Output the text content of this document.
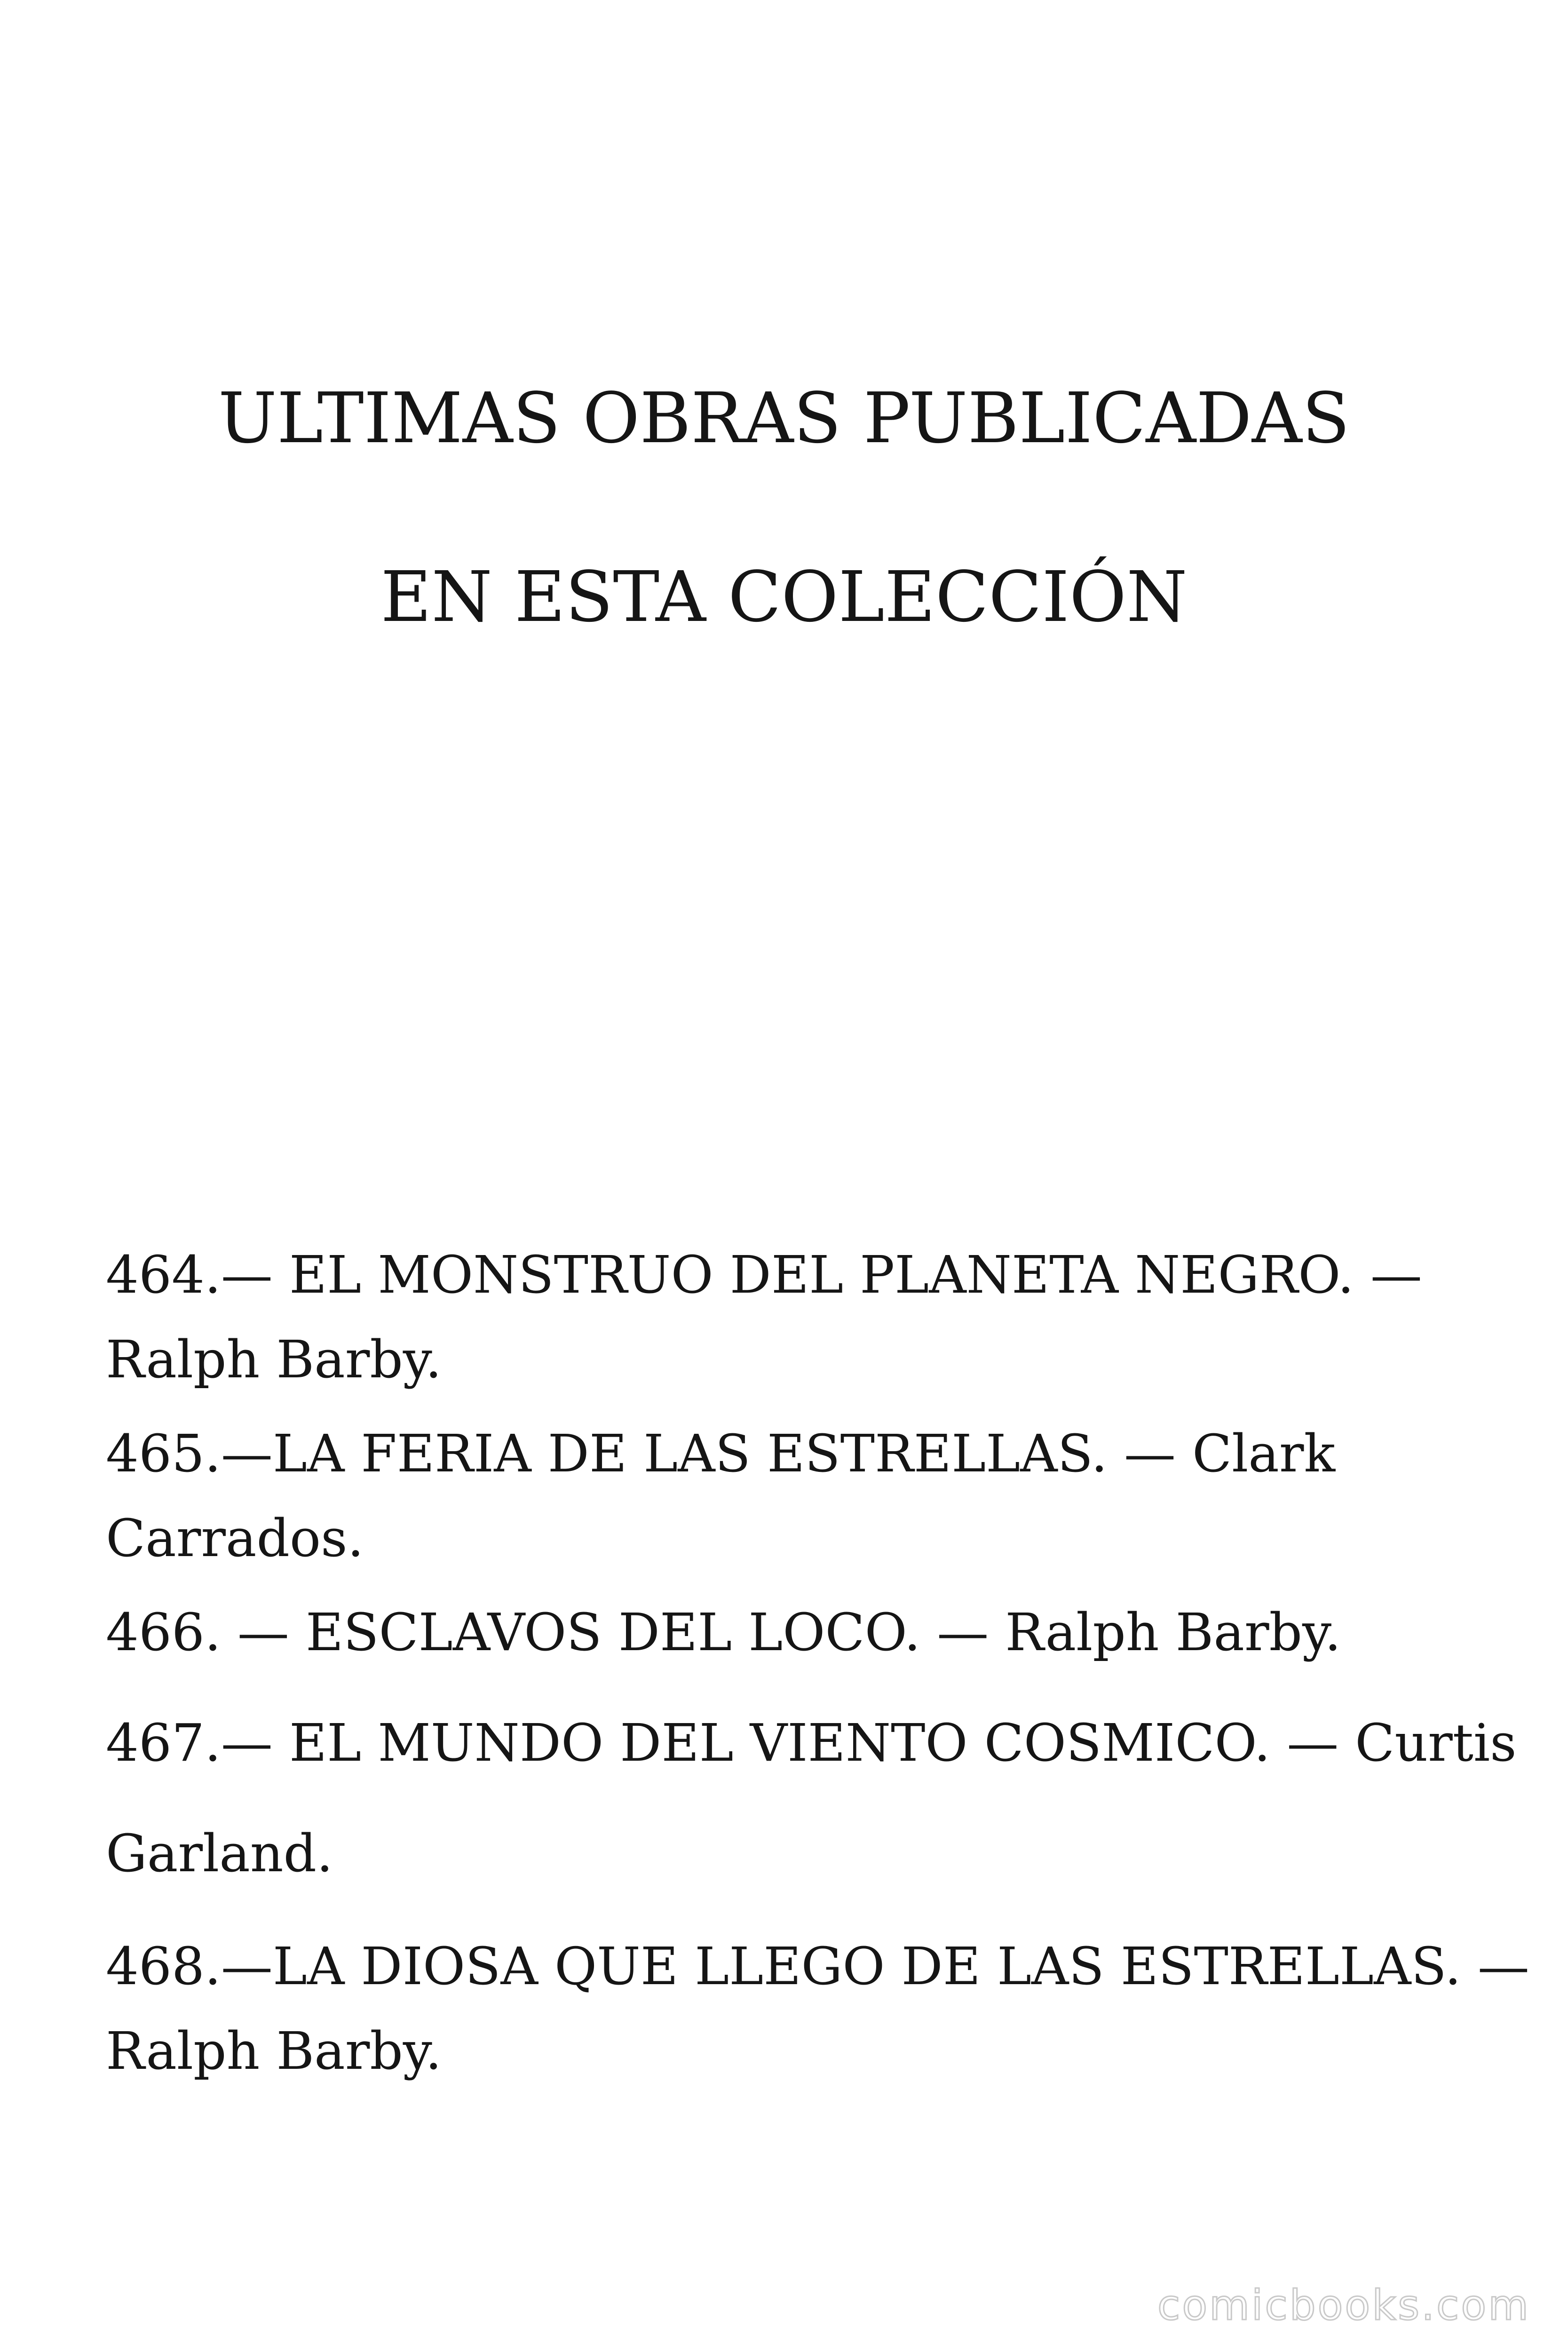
ULTIMAS OBRAS PUBLICADAS
EN ESTA COLECCIÓN

464.— EL MONSTRUO DEL PLANETA NEGRO. —
Ralph Barby.

465.—LA FERIA DE LAS ESTRELLAS. — Clark
Carrados.

466. — ESCLAVOS DEL LOCO. — Ralph Barby.

467.— EL MUNDO DEL VIENTO COSMICO. — Curtis

Garland.

468.—LA DIOSA QUE LLEGO DE LAS ESTRELLAS. —
Ralph Barby.

comicbooks.com
